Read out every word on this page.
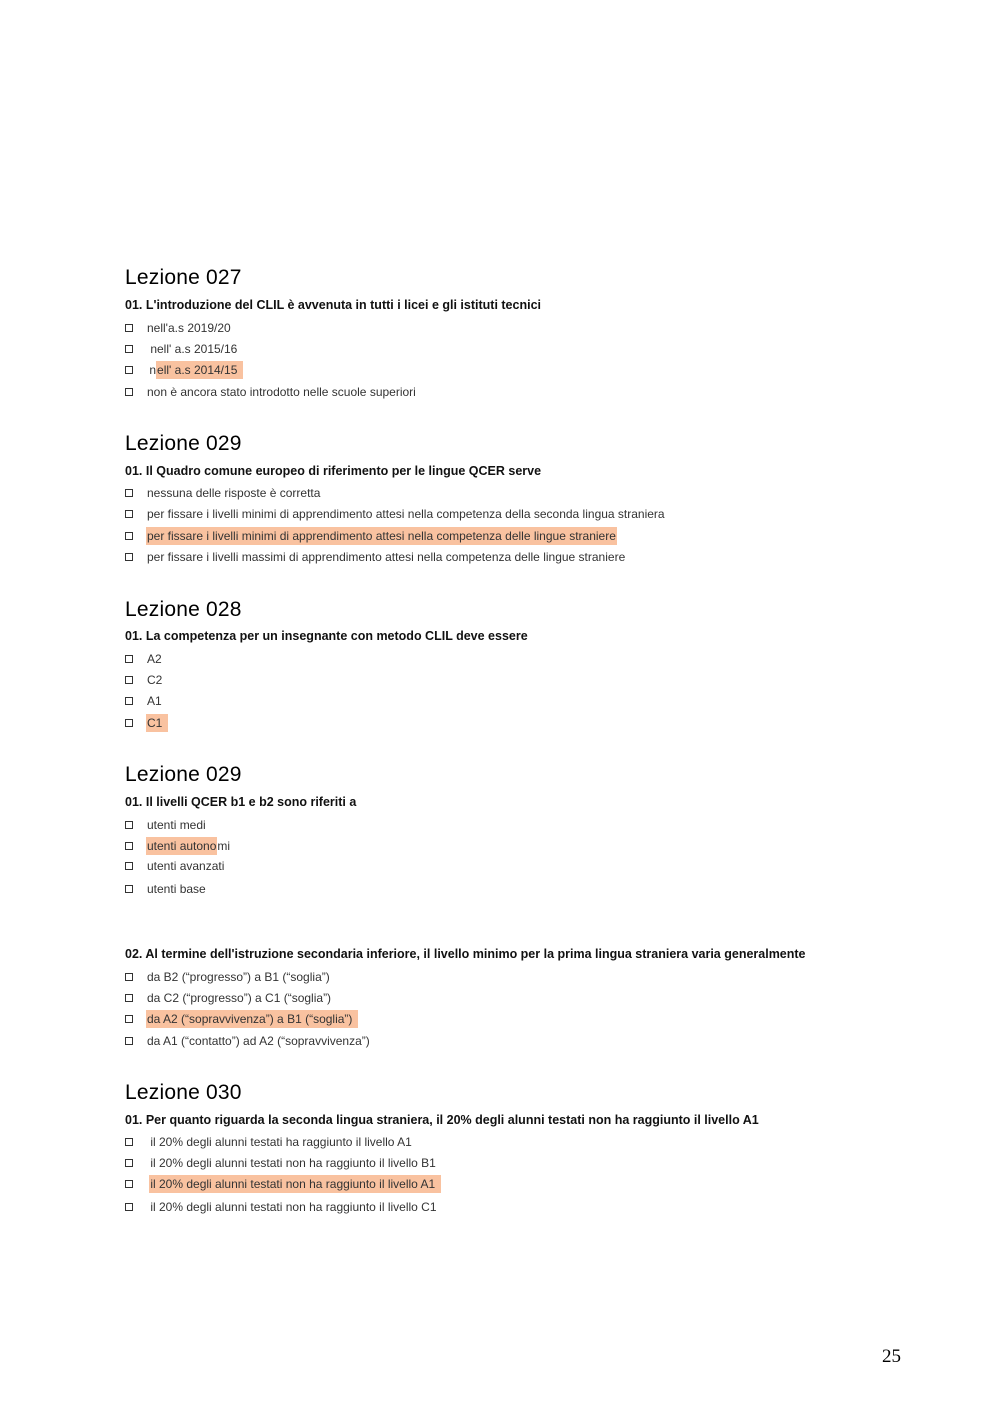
Lezione 027

01. L'introduzione del CLIL è avvenuta in tutti i licei e gli istituti tecnici

nell'a.s 2019/20
nell' a.s 2015/16
n ell' a.s 2014/15
non è ancora stato introdotto nelle scuole superiori
Lezione 029

01. Il Quadro comune europeo di riferimento per le lingue QCER serve

nessuna delle risposte è corretta
per fissare i livelli minimi di apprendimento attesi nella competenza della seconda lingua straniera
per fissare i livelli minimi di apprendimento attesi nella competenza delle lingue straniere
per fissare i livelli massimi di apprendimento attesi nella competenza delle lingue straniere
Lezione 028

01. La competenza per un insegnante con metodo CLIL deve essere

A2
C2
A1
C1
Lezione 029

01. Il livelli QCER b1 e b2 sono riferiti a

utenti medi
utenti autono mi
utenti avanzati
utenti base

02. Al termine dell'istruzione secondaria inferiore, il livello minimo per la prima lingua straniera varia generalmente

da B2 (“progresso”) a B1 (“soglia”)
da C2 (“progresso”) a C1 (“soglia”)
da A2 (“sopravvivenza”) a B1 (“soglia”)
da A1 (“contatto”) ad A2 (“sopravvivenza”)
Lezione 030

01. Per quanto riguarda la seconda lingua straniera, il 20% degli alunni testati non ha raggiunto il livello A1

il 20% degli alunni testati ha raggiunto il livello A1
il 20% degli alunni testati non ha raggiunto il livello B1

il 20% degli alunni testati non ha raggiunto il livello A1
il 20% degli alunni testati non ha raggiunto il livello C1
25
